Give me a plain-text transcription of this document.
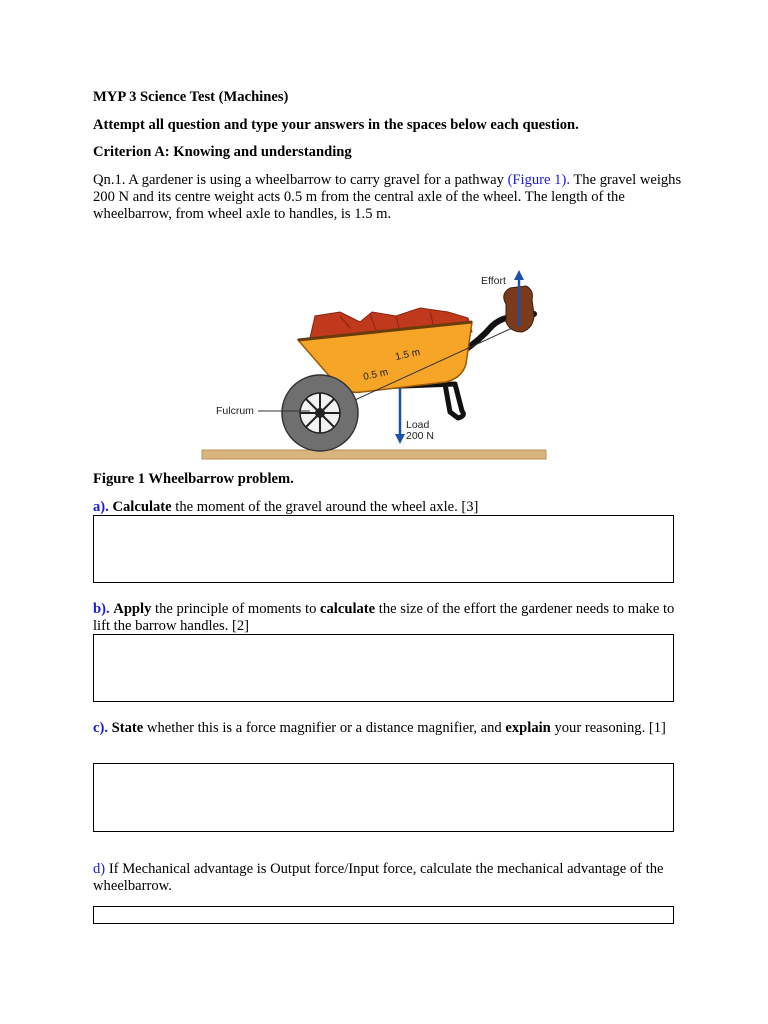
MYP 3 Science Test (Machines)
Attempt all question and type your answers in the spaces below each question.
Criterion A: Knowing and understanding
Qn.1. A gardener is using a wheelbarrow to carry gravel for a pathway (Figure 1). The gravel weighs 200 N and its centre weight acts 0.5 m from the central axle of the wheel. The length of the wheelbarrow, from wheel axle to handles, is 1.5 m.
1.5 m
0.5 m
Load
200 N
Fulcrum
Effort
Figure 1 Wheelbarrow problem.
a). Calculate the moment of the gravel around the wheel axle. [3]
b). Apply the principle of moments to calculate the size of the effort the gardener needs to make to lift the barrow handles. [2]
c). State whether this is a force magnifier or a distance magnifier, and explain your reasoning. [1]
d) If Mechanical advantage is Output force/Input force, calculate the mechanical advantage of the wheelbarrow.
